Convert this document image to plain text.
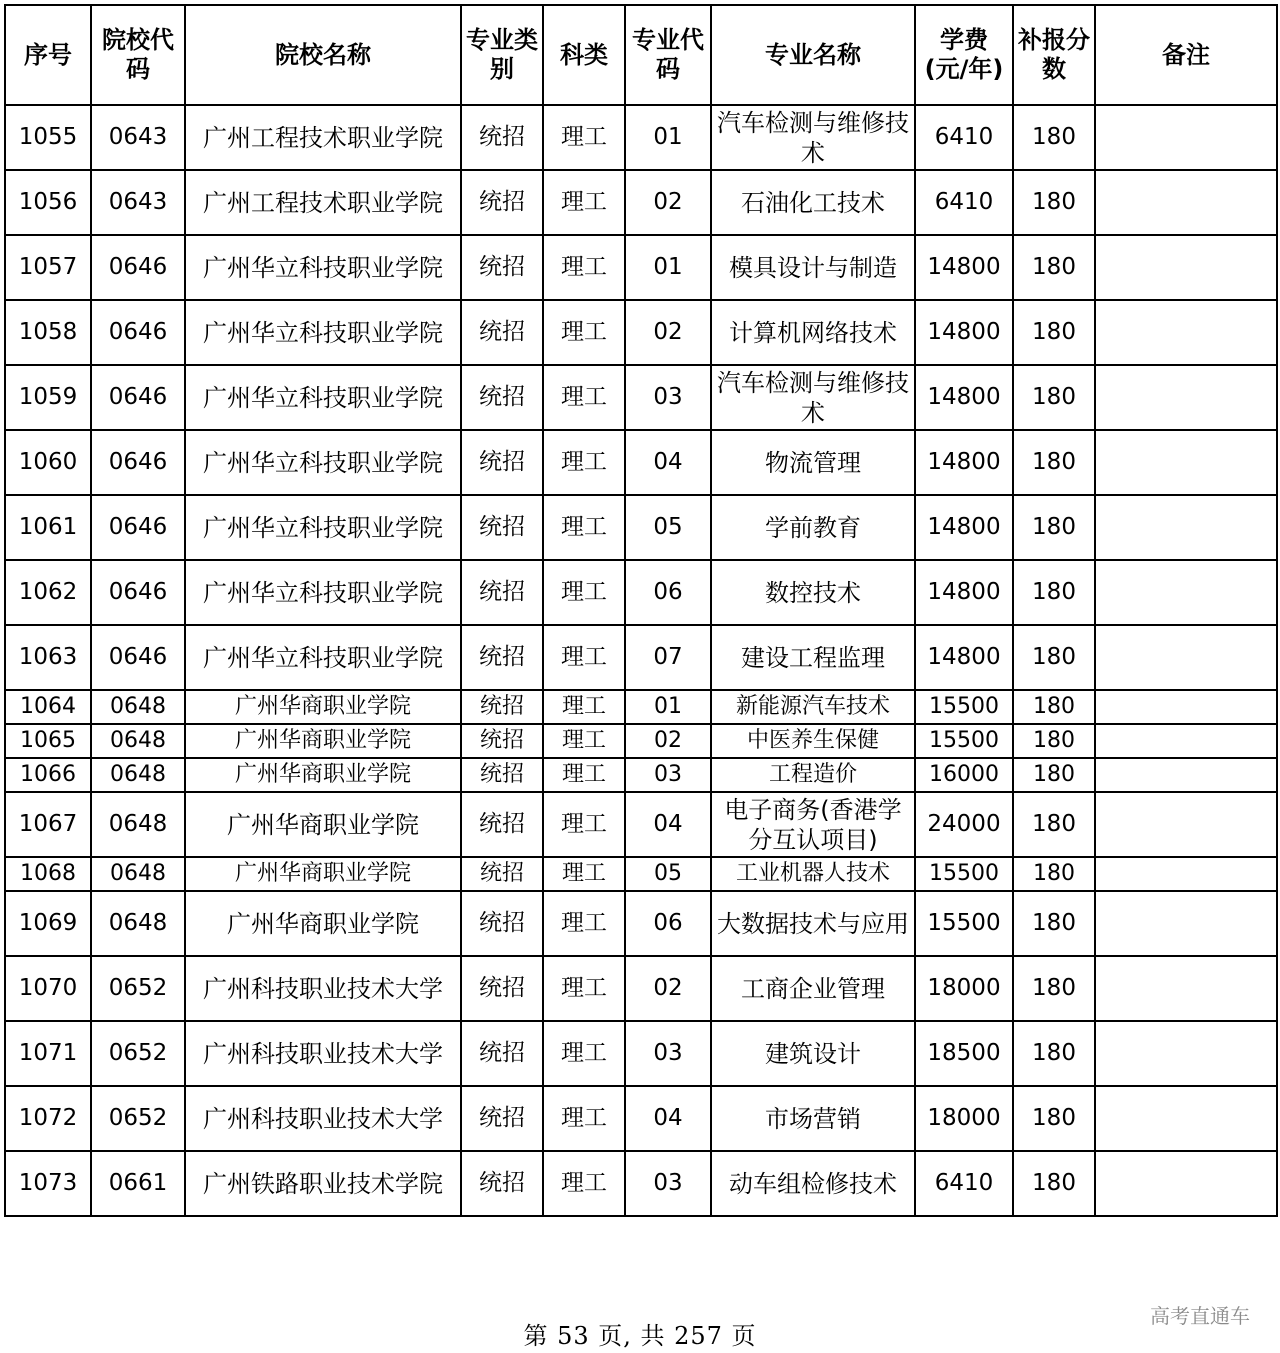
序号	院校代码	院校名称	专业类别	科类	专业代码	专业名称	学费(元/年)	补报分数	备注
1055	0643	广州工程技术职业学院	统招	理工	01	汽车检测与维修技术	6410	180	
1056	0643	广州工程技术职业学院	统招	理工	02	石油化工技术	6410	180	
1057	0646	广州华立科技职业学院	统招	理工	01	模具设计与制造	14800	180	
1058	0646	广州华立科技职业学院	统招	理工	02	计算机网络技术	14800	180	
1059	0646	广州华立科技职业学院	统招	理工	03	汽车检测与维修技术	14800	180	
1060	0646	广州华立科技职业学院	统招	理工	04	物流管理	14800	180	
1061	0646	广州华立科技职业学院	统招	理工	05	学前教育	14800	180	
1062	0646	广州华立科技职业学院	统招	理工	06	数控技术	14800	180	
1063	0646	广州华立科技职业学院	统招	理工	07	建设工程监理	14800	180	
1064	0648	广州华商职业学院	统招	理工	01	新能源汽车技术	15500	180	
1065	0648	广州华商职业学院	统招	理工	02	中医养生保健	15500	180	
1066	0648	广州华商职业学院	统招	理工	03	工程造价	16000	180	
1067	0648	广州华商职业学院	统招	理工	04	电子商务(香港学分互认项目)	24000	180	
1068	0648	广州华商职业学院	统招	理工	05	工业机器人技术	15500	180	
1069	0648	广州华商职业学院	统招	理工	06	大数据技术与应用	15500	180	
1070	0652	广州科技职业技术大学	统招	理工	02	工商企业管理	18000	180	
1071	0652	广州科技职业技术大学	统招	理工	03	建筑设计	18500	180	
1072	0652	广州科技职业技术大学	统招	理工	04	市场营销	18000	180	
1073	0661	广州铁路职业技术学院	统招	理工	03	动车组检修技术	6410	180	
第 53 页, 共 257 页
高考直通车
